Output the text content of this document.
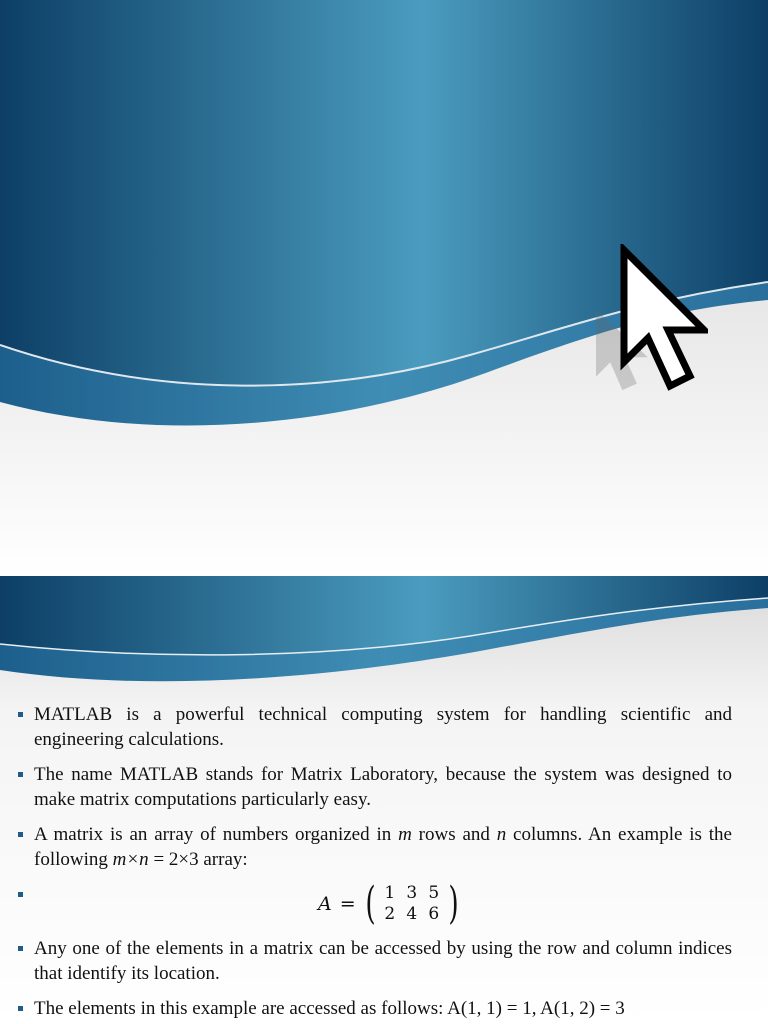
MATLAB is a powerful technical computing system for handling scientific and engineering calculations.
The name MATLAB stands for Matrix Laboratory, because the system was designed to make matrix computations particularly easy.
A matrix is an array of numbers organized in m rows and n columns. An example is the following m×n = 2×3 array:
A = ( 1 3 5
2 4 6 )
Any one of the elements in a matrix can be accessed by using the row and column indices that identify its location.
The elements in this example are accessed as follows: A(1, 1) = 1, A(1, 2) = 3
